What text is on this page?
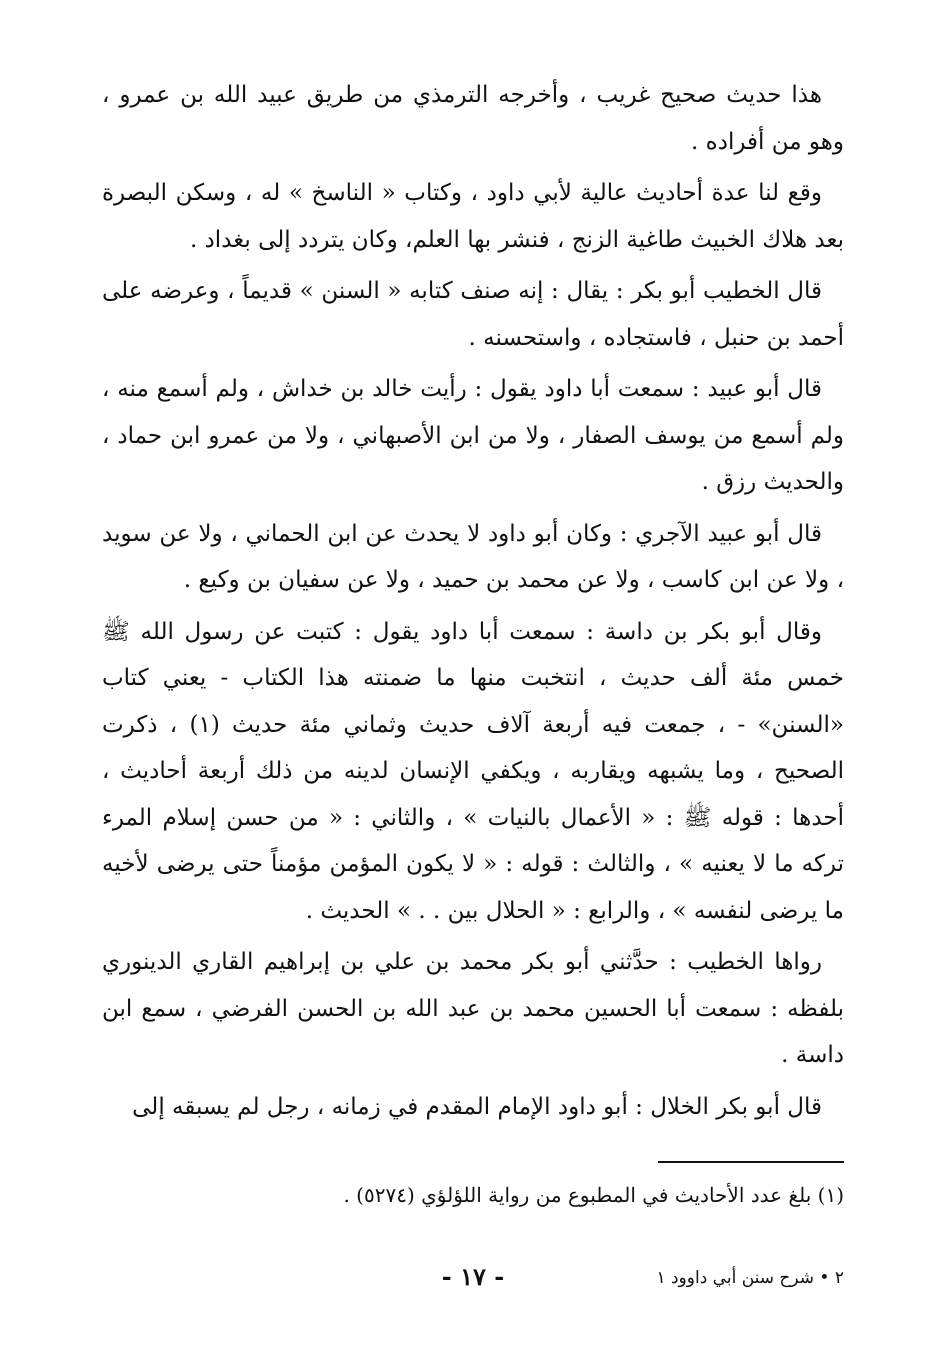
هذا حديث صحيح غريب ، وأخرجه الترمذي من طريق عبيد الله بن عمرو ، وهو من أفراده .

وقع لنا عدة أحاديث عالية لأبي داود ، وكتاب « الناسخ » له ، وسكن البصرة بعد هلاك الخبيث طاغية الزنج ، فنشر بها العلم، وكان يتردد إلى بغداد .

قال الخطيب أبو بكر : يقال : إنه صنف كتابه « السنن » قديماً ، وعرضه على أحمد بن حنبل ، فاستجاده ، واستحسنه .

قال أبو عبيد : سمعت أبا داود يقول : رأيت خالد بن خداش ، ولم أسمع منه ، ولم أسمع من يوسف الصفار ، ولا من ابن الأصبهاني ، ولا من عمرو ابن حماد ، والحديث رزق .

قال أبو عبيد الآجري : وكان أبو داود لا يحدث عن ابن الحماني ، ولا عن سويد ، ولا عن ابن كاسب ، ولا عن محمد بن حميد ، ولا عن سفيان بن وكيع .

وقال أبو بكر بن داسة : سمعت أبا داود يقول : كتبت عن رسول الله ﷺ خمس مئة ألف حديث ، انتخبت منها ما ضمنته هذا الكتاب - يعني كتاب «السنن» - ، جمعت فيه أربعة آلاف حديث وثماني مئة حديث (١) ، ذكرت الصحيح ، وما يشبهه ويقاربه ، ويكفي الإنسان لدينه من ذلك أربعة أحاديث ، أحدها : قوله ﷺ : « الأعمال بالنيات » ، والثاني : « من حسن إسلام المرء تركه ما لا يعنيه » ، والثالث : قوله : « لا يكون المؤمن مؤمناً حتى يرضى لأخيه ما يرضى لنفسه » ، والرابع : « الحلال بين . . » الحديث .

رواها الخطيب : حدَّثني أبو بكر محمد بن علي بن إبراهيم القاري الدينوري بلفظه : سمعت أبا الحسين محمد بن عبد الله بن الحسن الفرضي ، سمع ابن داسة .

قال أبو بكر الخلال : أبو داود الإمام المقدم في زمانه ، رجل لم يسبقه إلى

(١) بلغ عدد الأحاديث في المطبوع من رواية اللؤلؤي (٥٢٧٤) .

٢ • شرح سنن أبي داوود ١
- ١٧ -
